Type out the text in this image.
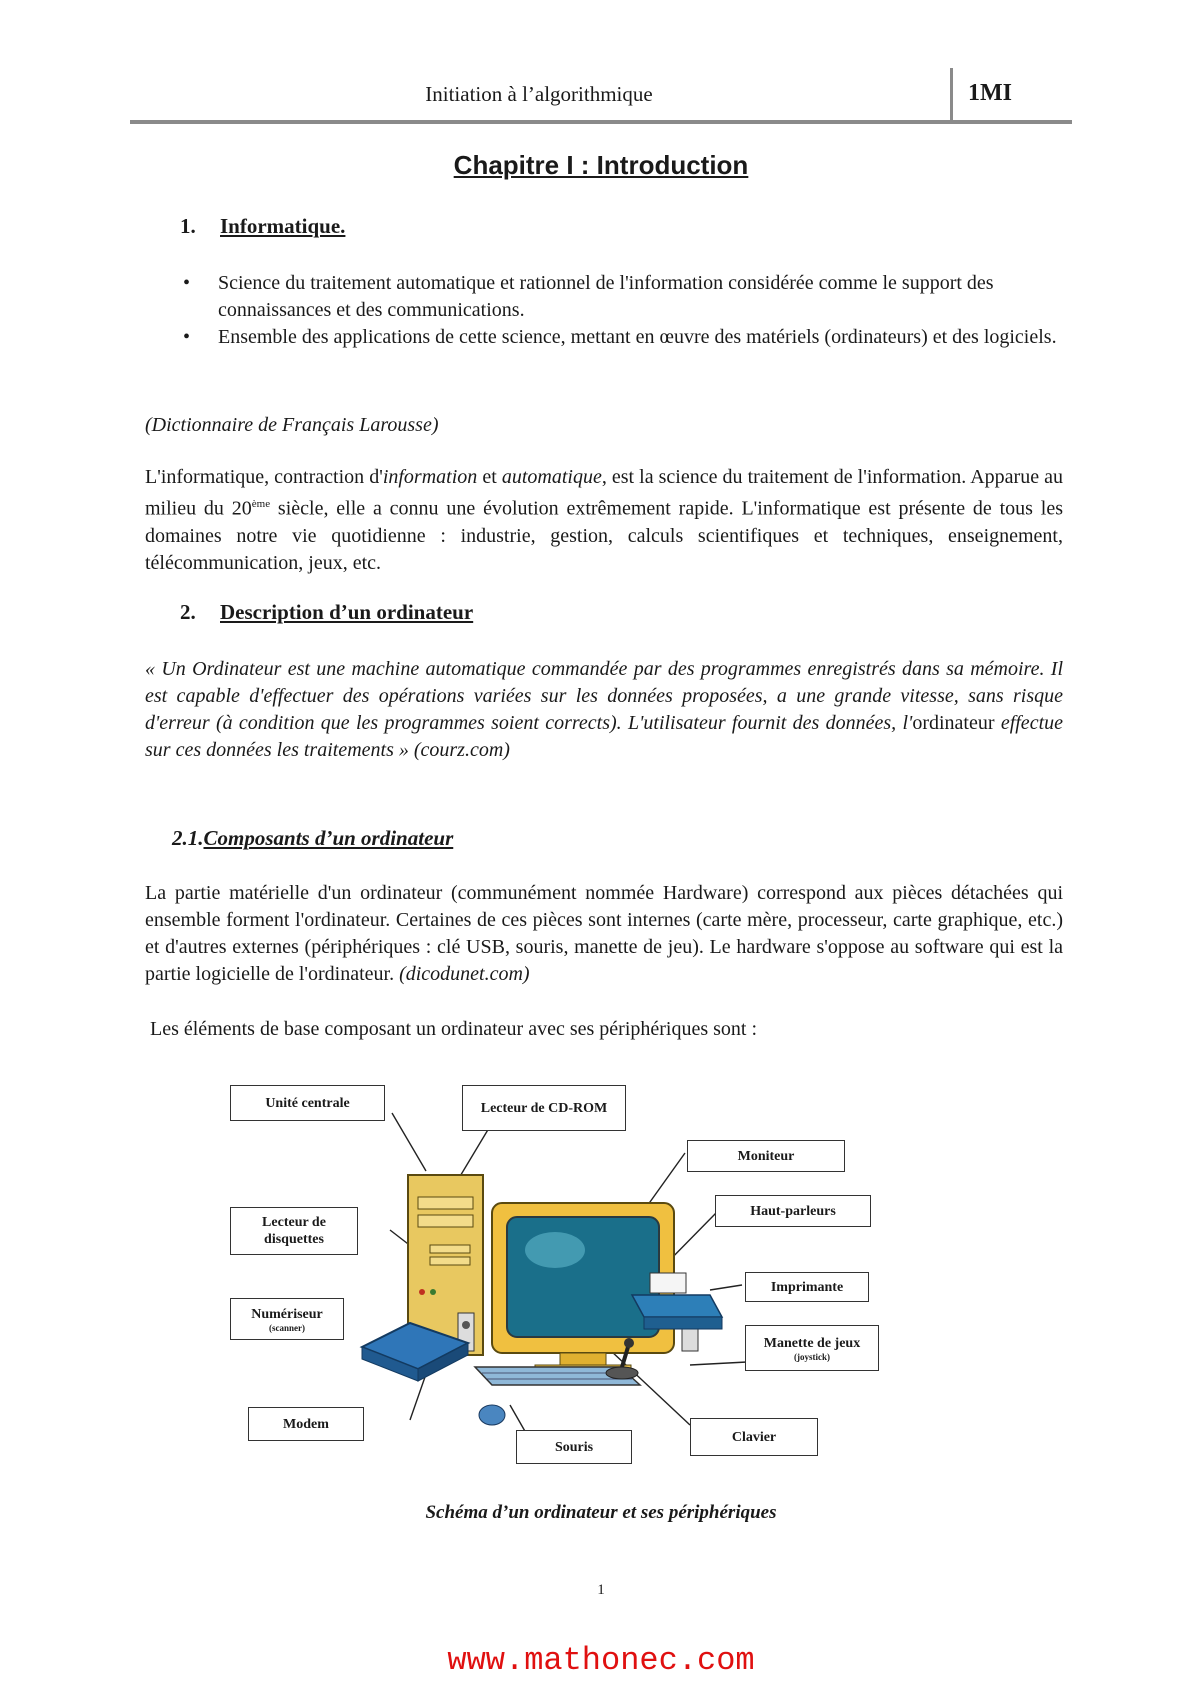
Initiation à l’algorithmique	1MI
Chapitre I : Introduction
1. Informatique.
• Science du traitement automatique et rationnel de l'information considérée comme le support des connaissances et des communications.
• Ensemble des applications de cette science, mettant en œuvre des matériels (ordinateurs) et des logiciels.
(Dictionnaire de Français Larousse)
L'informatique, contraction d'information et automatique, est la science du traitement de l'information. Apparue au milieu du 20ème siècle, elle a connu une évolution extrêmement rapide. L'informatique est présente de tous les domaines notre vie quotidienne : industrie, gestion, calculs scientifiques et techniques, enseignement, télécommunication, jeux, etc.
2. Description d’un ordinateur
« Un Ordinateur est une machine automatique commandée par des programmes enregistrés dans sa mémoire. Il est capable d'effectuer des opérations variées sur les données proposées, a une grande vitesse, sans risque d'erreur (à condition que les programmes soient corrects). L'utilisateur fournit des données, l'ordinateur effectue sur ces données les traitements » (courz.com)
2.1.Composants d’un ordinateur
La partie matérielle d'un ordinateur (communément nommée Hardware) correspond aux pièces détachées qui ensemble forment l'ordinateur. Certaines de ces pièces sont internes (carte mère, processeur, carte graphique, etc.) et d'autres externes (périphériques : clé USB, souris, manette de jeu). Le hardware s'oppose au software qui est la partie logicielle de l'ordinateur. (dicodunet.com)
Les éléments de base composant un ordinateur avec ses périphériques sont :
Unité centrale	Lecteur de CD-ROM
Moniteur
Lecteur de disquettes
Haut-parleurs
Imprimante
Numériseur
(scanner)
Manette de jeux
(joystick)
Modem
Souris
Clavier
Schéma d’un ordinateur et ses périphériques
1
www.mathonec.com
